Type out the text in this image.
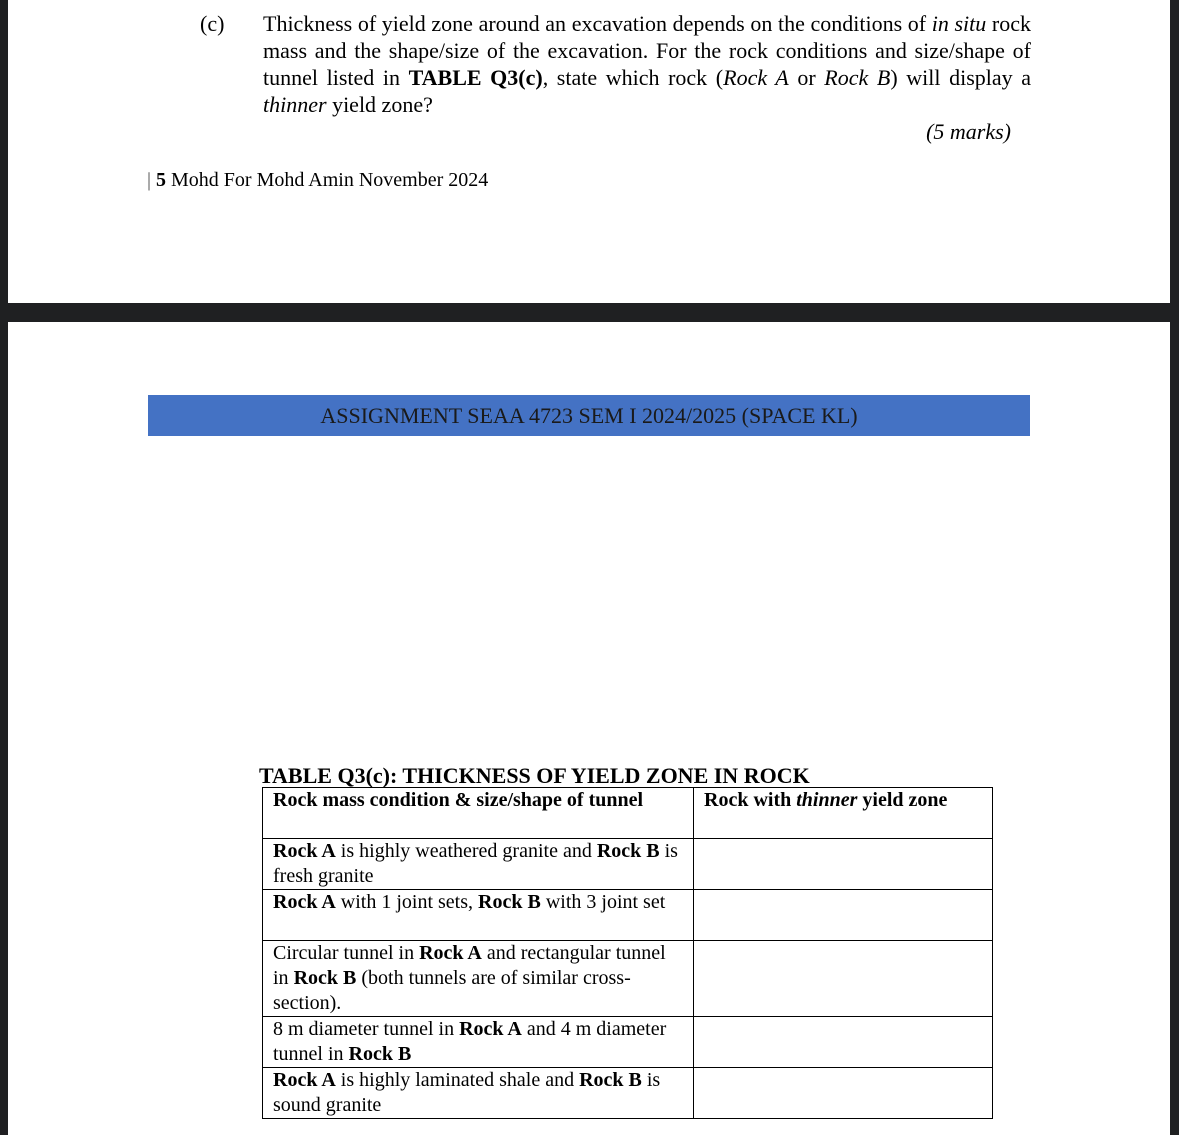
(c) Thickness of yield zone around an excavation depends on the conditions of in situ rock mass and the shape/size of the excavation. For the rock conditions and size/shape of tunnel listed in TABLE Q3(c), state which rock (Rock A or Rock B) will display a thinner yield zone?
(5 marks)
| 5 Mohd For Mohd Amin November 2024
ASSIGNMENT SEAA 4723 SEM I 2024/2025 (SPACE KL)
TABLE Q3(c): THICKNESS OF YIELD ZONE IN ROCK
Rock mass condition & size/shape of tunnel	Rock with thinner yield zone
Rock A is highly weathered granite and Rock B is fresh granite	
Rock A with 1 joint sets, Rock B with 3 joint set	
Circular tunnel in Rock A and rectangular tunnel in Rock B (both tunnels are of similar cross-section).	
8 m diameter tunnel in Rock A and 4 m diameter tunnel in Rock B	
Rock A is highly laminated shale and Rock B is sound granite	
